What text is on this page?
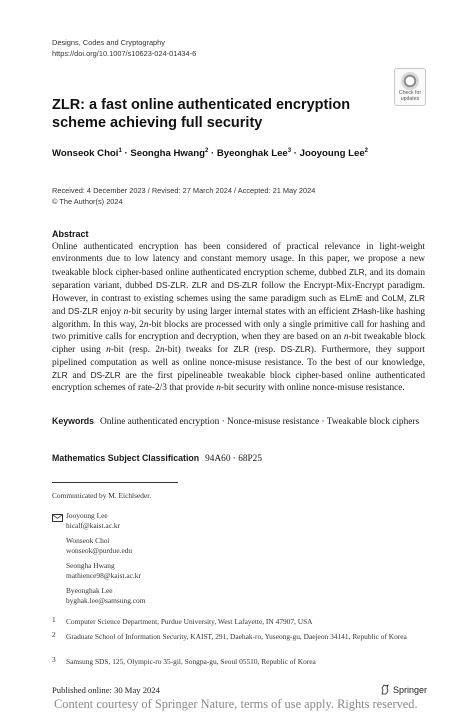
Designs, Codes and Cryptography
https://doi.org/10.1007/s10623-024-01434-6
Check for
updates
ZLR: a fast online authenticated encryption scheme achieving full security
Wonseok Choi$^1$ · Seongha Hwang$^2$ · Byeonghak Lee$^3$ · Jooyoung Lee$^2$
Received: 4 December 2023 / Revised: 27 March 2024 / Accepted: 21 May 2024
© The Author(s) 2024
Abstract
Online authenticated encryption has been considered of practical relevance in light-weight environments due to low latency and constant memory usage. In this paper, we propose a new tweakable block cipher-based online authenticated encryption scheme, dubbed ZLR, and its domain separation variant, dubbed DS-ZLR. ZLR and DS-ZLR follow the Encrypt-Mix-Encrypt paradigm. However, in contrast to existing schemes using the same paradigm such as ELmE and CoLM, ZLR and DS-ZLR enjoy n-bit security by using larger internal states with an efficient ZHash-like hashing algorithm. In this way, 2n-bit blocks are processed with only a single primitive call for hashing and two primitive calls for encryption and decryption, when they are based on an n-bit tweakable block cipher using n-bit (resp. 2n-bit) tweaks for ZLR (resp. DS-ZLR). Furthermore, they support pipelined computation as well as online nonce-misuse resistance. To the best of our knowledge, ZLR and DS-ZLR are the first pipelineable tweakable block cipher-based online authenticated encryption schemes of rate-2/3 that provide n-bit security with online nonce-misuse resistance.
Keywords Online authenticated encryption · Nonce-misuse resistance · Tweakable block ciphers
Mathematics Subject Classification 94A60 · 68P25
Communicated by M. Eichlseder.
Jooyoung Lee
hicalf@kaist.ac.kr
Wonseok Choi
wonseok@purdue.edu
Seongha Hwang
mathience98@kaist.ac.kr
Byeonghak Lee
byghak.lee@samsung.com
1 Computer Science Department, Purdue University, West Lafayette, IN 47907, USA
2 Graduate School of Information Security, KAIST, 291, Daehak-ro, Yuseong-gu, Daejeon 34141, Republic of Korea
3 Samsung SDS, 125, Olympic-ro 35-gil, Songpa-gu, Seoul 05510, Republic of Korea
Published online: 30 May 2024	Springer
Content courtesy of Springer Nature, terms of use apply. Rights reserved.
